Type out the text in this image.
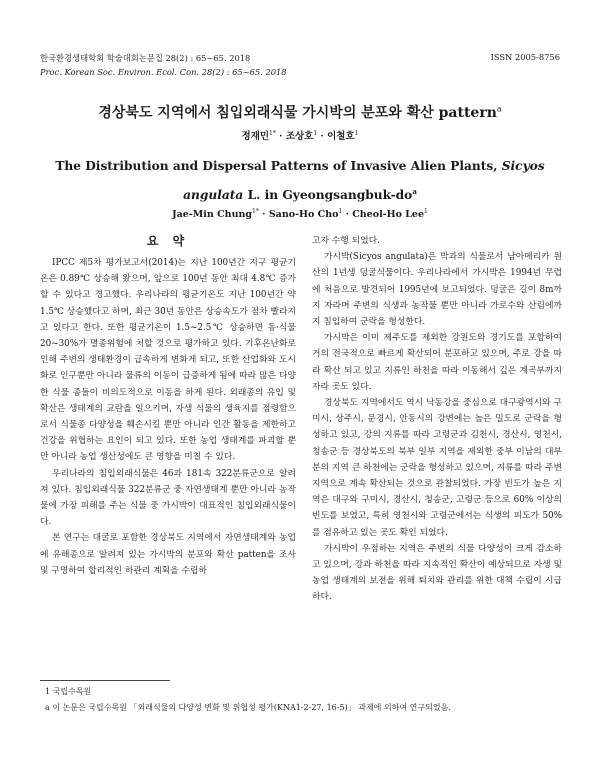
한국환경생태학회 학술대회논문집 28(2) : 65~65. 2018	ISSN 2005-8756
Proc. Korean Soc. Environ. Ecol. Con. 28(2) : 65~65. 2018
경상북도 지역에서 침입외래식물 가시박의 분포와 확산 pattern$^a$
정재민$^{1*}$ · 조상호$^1$ · 이철호$^1$
The Distribution and Dispersal Patterns of Invasive Alien Plants, Sicyos angulata L. in Gyeongsangbuk-$do^a$
Jae-Min Chung$^{1*}$ · Sano-Ho Cho$^1$ · Cheol-Ho Lee$^1$
요 약

IPCC 제5차 평가보고서(2014)는 지난 100년간 지구 평균기온은 0.89℃ 상승해 왔으며, 앞으로 100년 동안 최대 4.8℃ 증가할 수 있다고 경고했다. 우리나라의 평균기온도 지난 100년간 약 1.5℃ 상승했다고 하며, 최근 30년 동안은 상승속도가 점차 빨라지고 있다고 한다. 또한 평균기온이 1.5~2.5℃ 상승하면 동·식물 20~30%가 멸종위험에 처할 것으로 평가하고 있다. 기후온난화로 인해 주변의 생태환경이 급속하게 변화게 되고, 또한 산업화와 도시화로 인구뿐만 아니라 물류의 이동이 급증하게 됨에 따라 많은 다양한 식물 종들이 비의도적으로 이동을 하게 된다. 외래종의 유입 및 확산은 생태계의 교란을 일으키며, 자생 식물의 생육지를 점령함으로서 식물종 다양성을 훼손시킬 뿐만 아니라 인간 활동을 제한하고 건강을 위협하는 요인이 되고 있다. 또한 농업 생태계를 파괴할 뿐만 아니라 농업 생산성에도 큰 영향을 미칠 수 있다.

우리나라의 침입외래식물은 46과 181속 322분류군으로 알려져 있다. 침입외래식물 322분류군 중 자연생태계 뿐만 아니라 농작물에 가장 피해를 주는 식물 중 가시박이 대표적인 침입외래식물이다.

본 연구는 대굴로 포함한 경상북도 지역에서 자연생태계와 농업에 유해종으로 알려져 있는 가시박의 분포와 확산 patten을 조사 및 구명하여 합리적인 하관리 계획을 수립하

고자 수행 되었다.

가시박(Sicyos angulata)은 박과의 식물로서 남아메리카 원산의 1년생 덩굴식물이다. 우리나라에서 가시박은 1994년 무렵에 처음으로 발견되어 1995년에 보고되었다. 덩굴은 길이 8m까지 자라며 주변의 식생과 농작물 뿐만 아니라 가로수와 산림에까지 침입하여 군락을 형성한다.

가시박은 이미 제주도를 제외한 강원도와 경기도를 포함하여 거의 전국적으로 빠르게 확산되어 분포하고 있으며, 주로 강을 따라 확산 되고 있고 지류인 하천을 따라 이동해서 깊은 계곡부까지 자라 곳도 있다.

경상북도 지역에서도 역시 낙동강을 중심으로 대구광역시와 구미시, 상주시, 문경시, 안동시의 강변에는 높은 밀도로 군락을 형성하고 있고, 강의 지류를 따라 고령군과 김천시, 경산시, 영천시, 청송군 등 경상북도의 북부 일부 지역을 제외한 중부 이남의 대부분의 지역 큰 하천에는 군락을 형성하고 있으며, 지류를 따라 주변 지역으로 계속 확산되는 것으로 관찰되었다. 가장 빈도가 높은 지역은 대구와 구미시, 경산시, 청송군, 고령군 등으로 60% 이상의 빈도를 보였고, 특히 영천시와 고령군에서는 식생의 피도가 50%를 점유하고 있는 곳도 확인 되었다.

가시박이 우점하는 지역은 주변의 식물 다양성이 크게 감소하고 있으며, 강과 하천을 따라 지속적인 확산이 예상되므로 자생 및 농업 생태계의 보전을 위해 퇴치와 관리를 위한 대책 수립이 시급하다.

1 국립수목원
a 이 논문은 국립수목원 「외래식물의 다양성 변화 및 위협성 평가(KNA1-2-27, 16-5)」 과제에 의하여 연구되었음.
